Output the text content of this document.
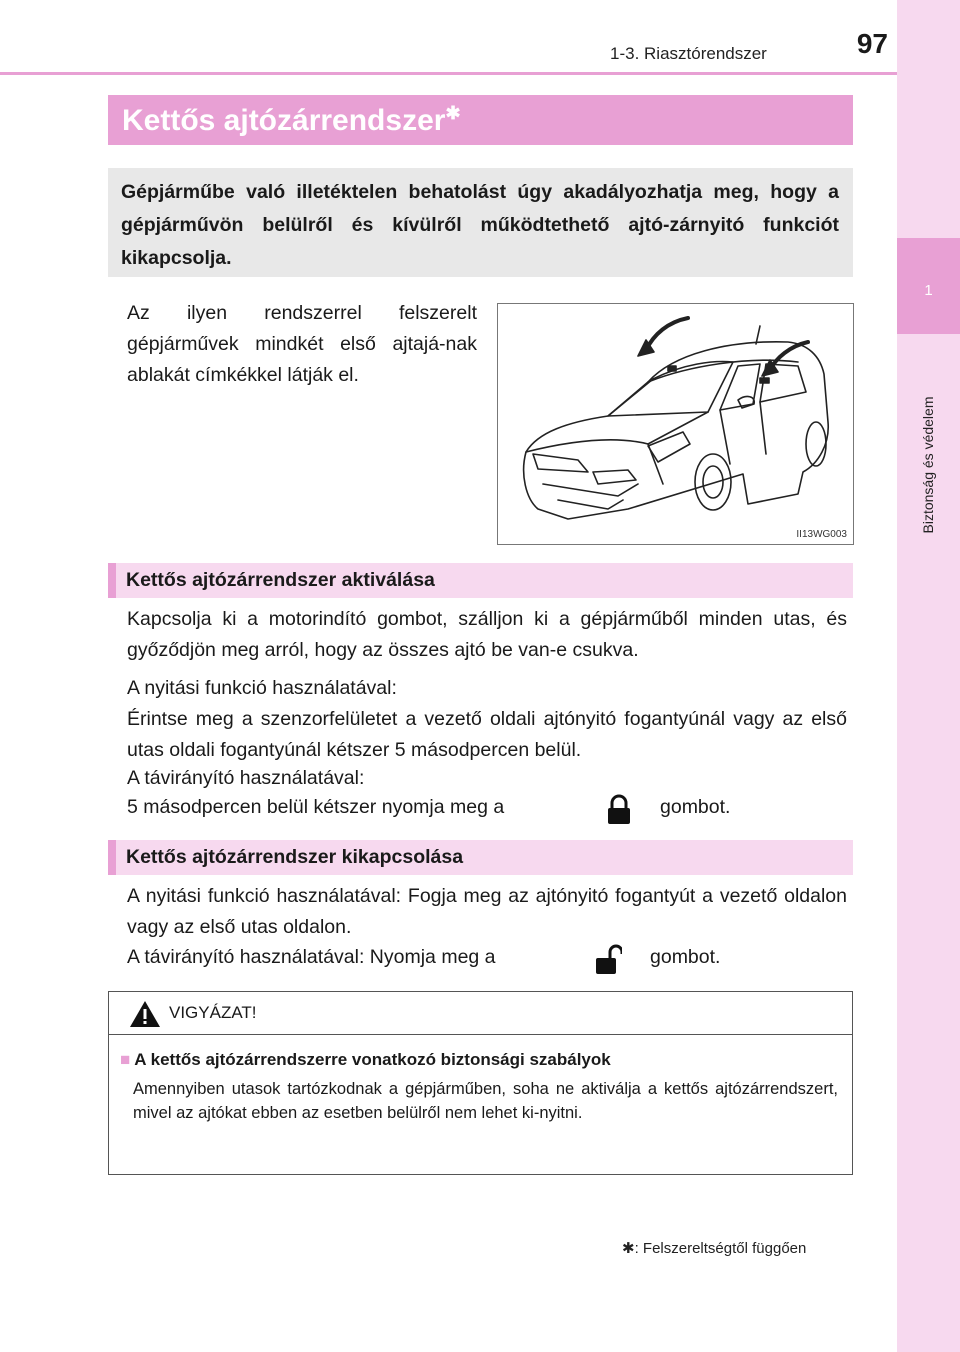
1
Biztonság és védelem
1-3. Riasztórendszer	97
Kettős ajtózárrendszer✱

Gépjárműbe való illetéktelen behatolást úgy akadályozhatja meg, hogy a gépjárművön belülről és kívülről működtethető ajtó-zárnyitó funkciót kikapcsolja.

Az ilyen rendszerrel felszerelt gépjárművek mindkét első ajtajá-nak ablakát címkékkel látják el.
II13WG003
Kettős ajtózárrendszer aktiválása
Kapcsolja ki a motorindító gombot, szálljon ki a gépjárműből minden utas, és győződjön meg arról, hogy az összes ajtó be van-e csukva.
A nyitási funkció használatával:
Érintse meg a szenzorfelületet a vezető oldali ajtónyitó fogantyúnál vagy az első utas oldali fogantyúnál kétszer 5 másodpercen belül.
A távirányító használatával:
5 másodpercen belül kétszer nyomja meg a	gombot.
Kettős ajtózárrendszer kikapcsolása
A nyitási funkció használatával: Fogja meg az ajtónyitó fogantyút a vezető oldalon vagy az első utas oldalon.
A távirányító használatával: Nyomja meg a	gombot.
VIGYÁZAT!
■ A kettős ajtózárrendszerre vonatkozó biztonsági szabályok
Amennyiben utasok tartózkodnak a gépjárműben, soha ne aktiválja a kettős ajtózárrendszert, mivel az ajtókat ebben az esetben belülről nem lehet ki-nyitni.
✱: Felszereltségtől függően
